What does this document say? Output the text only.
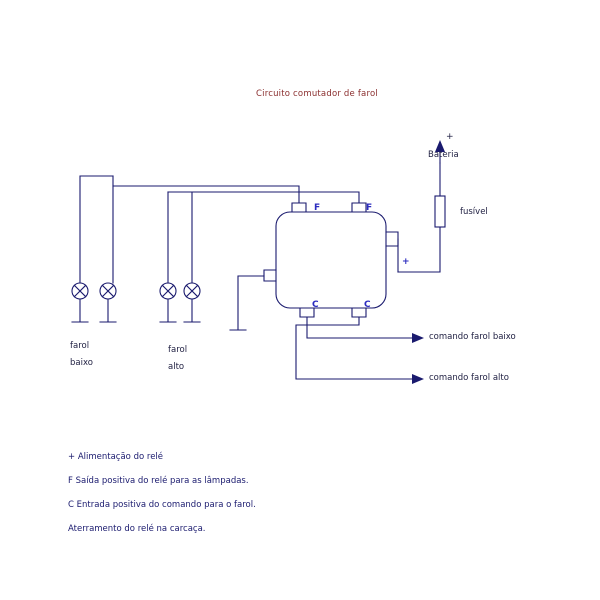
Circuito comutador de farol
F	F
C	C
+
+
Bateria
fusível
farol
baixo
farol
alto
comando farol baixo
comando farol alto
+ Alimentação do relé
F Saída positiva do relé para as lâmpadas.
C Entrada positiva do comando para o farol.
Aterramento do relé na carcaça.
